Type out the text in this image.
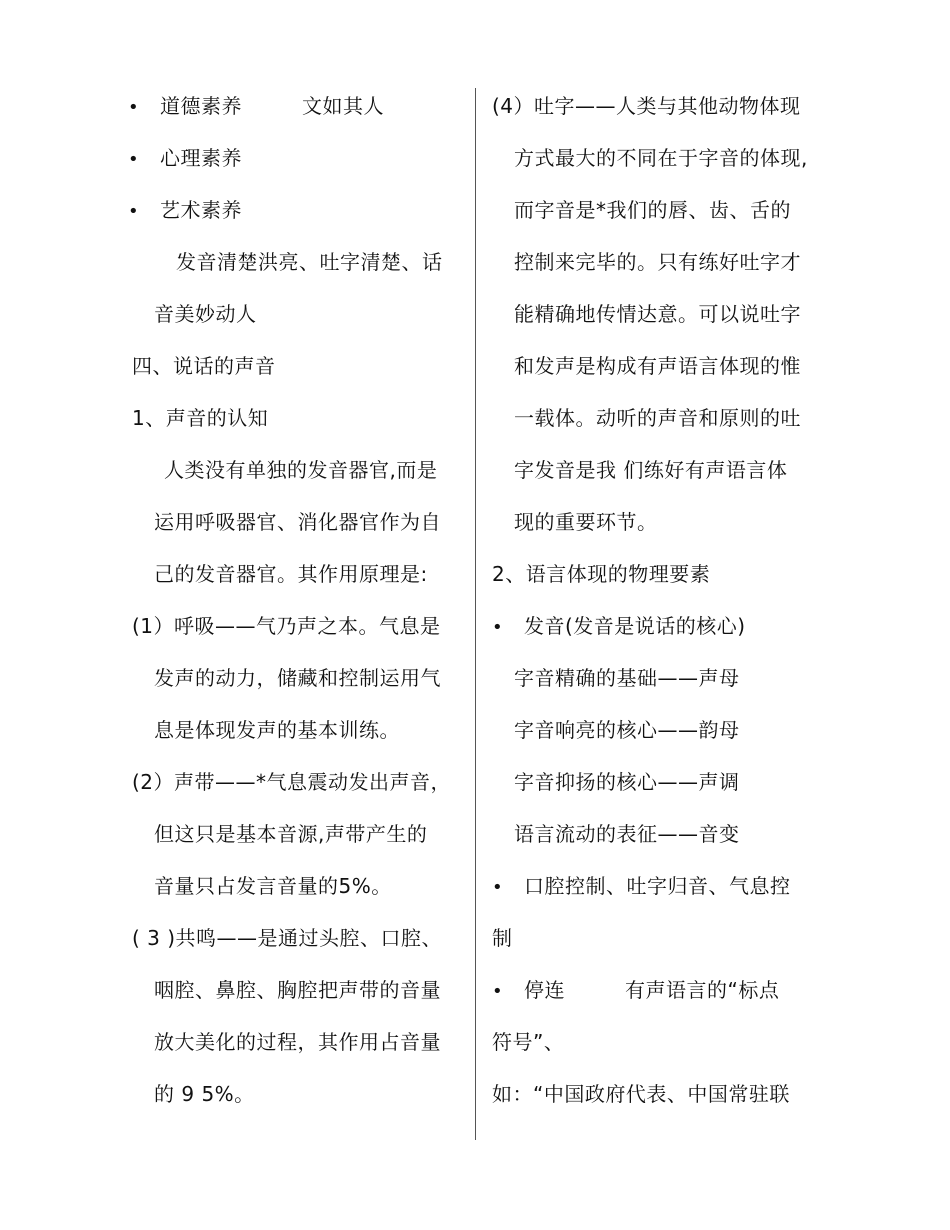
• 道德素养	文如其人
• 心理素养
• 艺术素养
发音清楚洪亮、吐字清楚、话
音美妙动人
四、说话的声音
1、声音的认知
人类没有单独的发音器官,而是
运用呼吸器官、消化器官作为自
己的发音器官。其作用原理是:
(1）呼吸——气乃声之本。气息是
发声的动力，储藏和控制运用气
息是体现发声的基本训练。
(2）声带——*气息震动发出声音，
但这只是基本音源,声带产生的
音量只占发言音量的5%。
( 3 )共鸣——是通过头腔、口腔、
咽腔、鼻腔、胸腔把声带的音量
放大美化的过程，其作用占音量
的 9 5%。
(4）吐字——人类与其他动物体现
方式最大的不同在于字音的体现,
而字音是*我们的唇、齿、舌的
控制来完毕的。只有练好吐字才
能精确地传情达意。可以说吐字
和发声是构成有声语言体现的惟
一载体。动听的声音和原则的吐
字发音是我 们练好有声语言体
现的重要环节。
2、语言体现的物理要素
• 发音(发音是说话的核心)
字音精确的基础——声母
字音响亮的核心——韵母
字音抑扬的核心——声调
语言流动的表征——音变
• 口腔控制、吐字归音、气息控
制
• 停连	有声语言的“标点
符号”、
如：“中国政府代表、中国常驻联
